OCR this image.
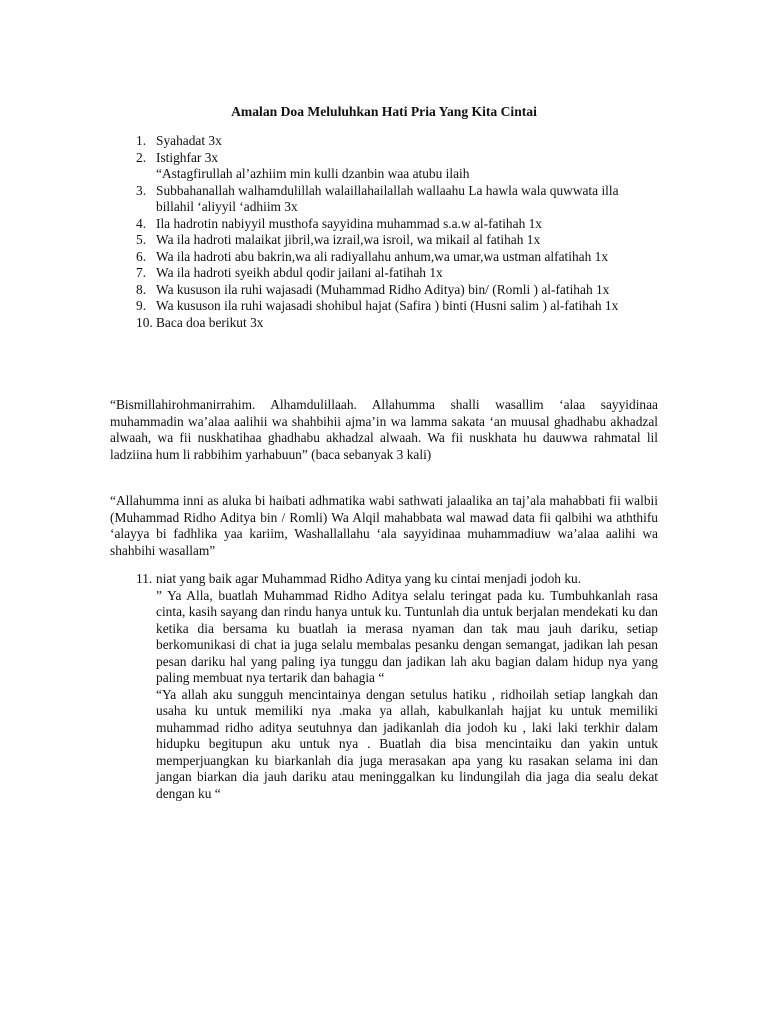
Amalan Doa Meluluhkan Hati Pria Yang Kita Cintai
1. Syahadat 3x

2. Istighfar 3x

“Astagfirullah al’azhiim min kulli dzanbin waa atubu ilaih

3. Subbahanallah walhamdulillah walaillahailallah wallaahu La hawla wala quwwata illa billahil ‘aliyyil ‘adhiim 3x

4. Ila hadrotin nabiyyil musthofa sayyidina muhammad s.a.w al-fatihah 1x

5. Wa ila hadroti malaikat jibril,wa izrail,wa isroil, wa mikail al fatihah 1x

6. Wa ila hadroti abu bakrin,wa ali radiyallahu anhum,wa umar,wa ustman alfatihah 1x

7. Wa ila hadroti syeikh abdul qodir jailani al-fatihah 1x

8. Wa kususon ila ruhi wajasadi (Muhammad Ridho Aditya) bin/ (Romli ) al-fatihah 1x

9. Wa kususon ila ruhi wajasadi shohibul hajat (Safira ) binti (Husni salim ) al-fatihah 1x

10. Baca doa berikut 3x

“Bismillahirohmanirrahim. Alhamdulillaah. Allahumma shalli wasallim ‘alaa sayyidinaa muhammadin wa’alaa aalihii wa shahbihii ajma’in wa lamma sakata ‘an muusal ghadhabu akhadzal alwaah, wa fii nuskhatihaa ghadhabu akhadzal alwaah. Wa fii nuskhata hu dauwwa rahmatal lil ladziina hum li rabbihim yarhabuun” (baca sebanyak 3 kali)

“Allahumma inni as aluka bi haibati adhmatika wabi sathwati jalaalika an taj’ala mahabbati fii walbii (Muhammad Ridho Aditya bin / Romli) Wa Alqil mahabbata wal mawad data fii qalbihi wa aththifu ‘alayya bi fadhlika yaa kariim, Washallallahu ‘ala sayyidinaa muhammadiuw wa’alaa aalihi wa shahbihi wasallam”

11. niat yang baik agar Muhammad Ridho Aditya yang ku cintai menjadi jodoh ku.

” Ya Alla, buatlah Muhammad Ridho Aditya selalu teringat pada ku. Tumbuhkanlah rasa cinta, kasih sayang dan rindu hanya untuk ku. Tuntunlah dia untuk berjalan mendekati ku dan ketika dia bersama ku buatlah ia merasa nyaman dan tak mau jauh dariku, setiap berkomunikasi di chat ia juga selalu membalas pesanku dengan semangat, jadikan lah pesan pesan dariku hal yang paling iya tunggu dan jadikan lah aku bagian dalam hidup nya yang paling membuat nya tertarik dan bahagia “

“Ya allah aku sungguh mencintainya dengan setulus hatiku , ridhoilah setiap langkah dan usaha ku untuk memiliki nya .maka ya allah, kabulkanlah hajjat ku untuk memiliki muhammad ridho aditya seutuhnya dan jadikanlah dia jodoh ku , laki laki terkhir dalam hidupku begitupun aku untuk nya . Buatlah dia bisa mencintaiku dan yakin untuk memperjuangkan ku biarkanlah dia juga merasakan apa yang ku rasakan selama ini dan jangan biarkan dia jauh dariku atau meninggalkan ku lindungilah dia jaga dia sealu dekat dengan ku “
